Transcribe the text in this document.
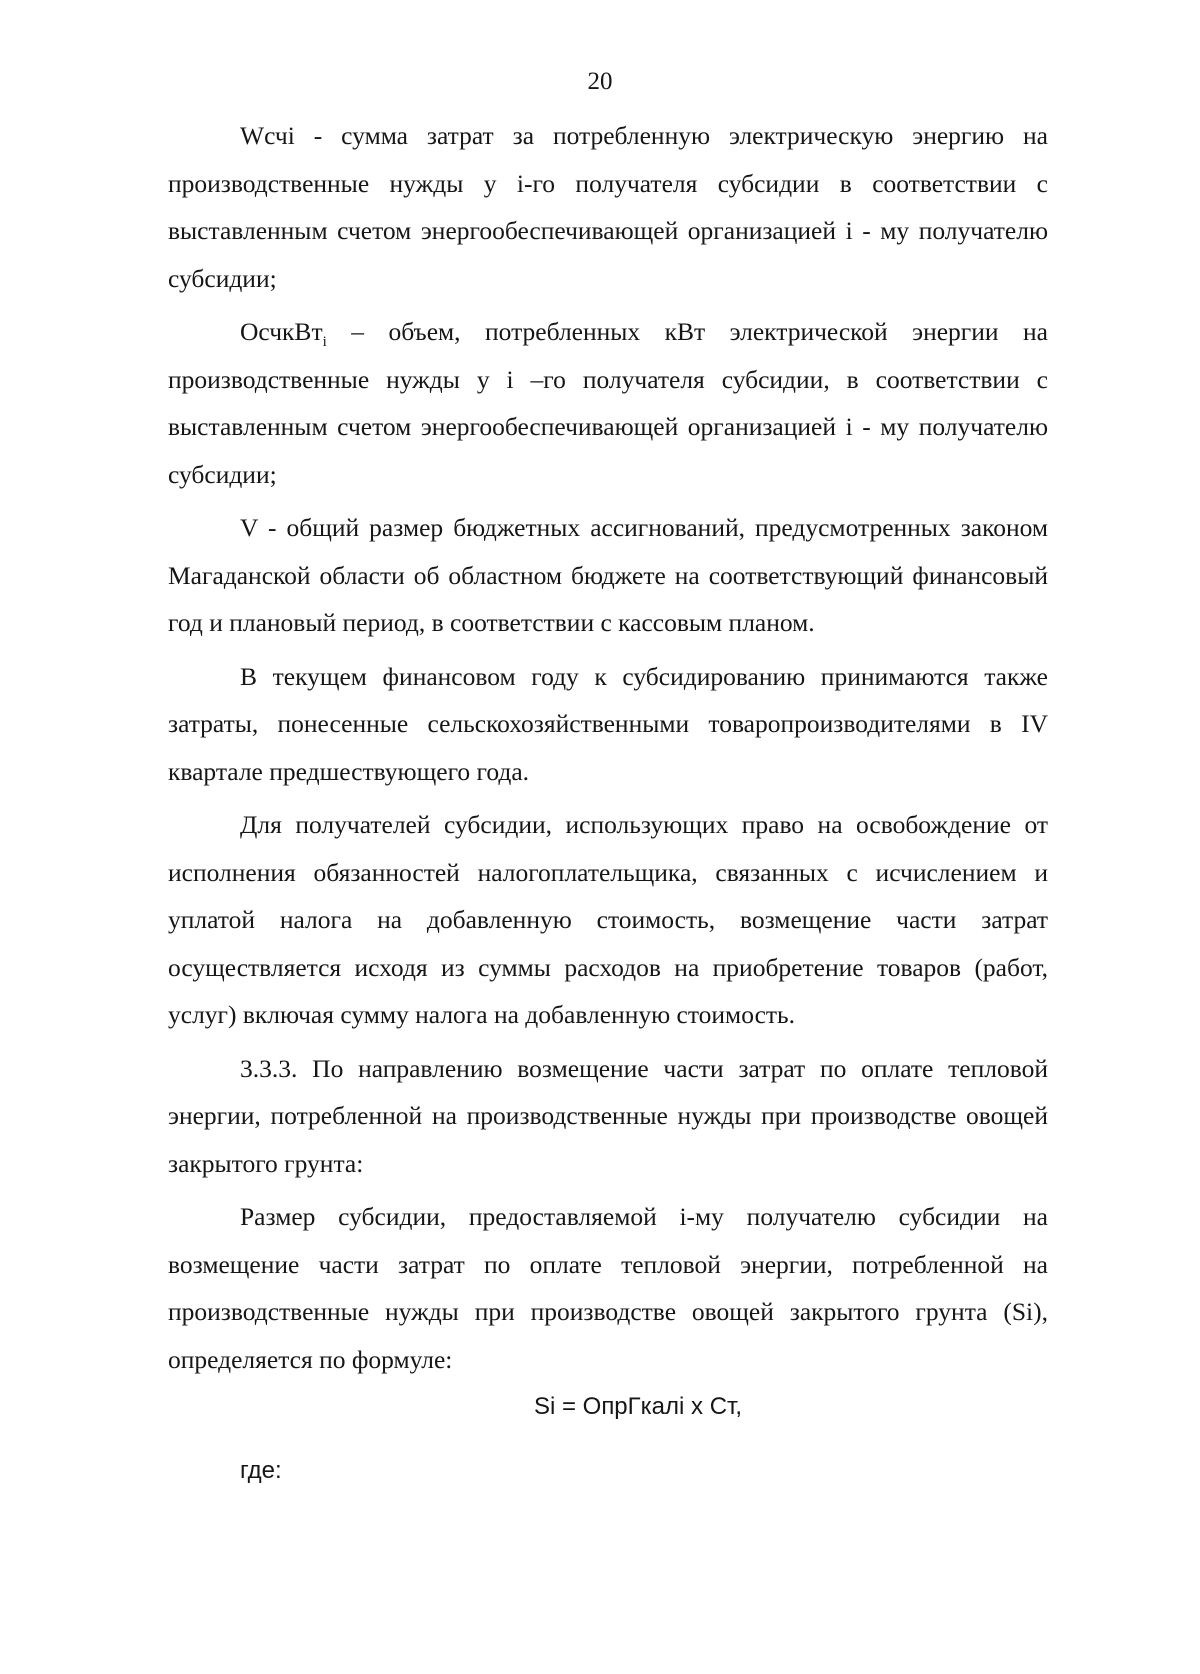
20

Wсчi - сумма затрат за потребленную электрическую энергию на производственные нужды у i-го получателя субсидии в соответствии с выставленным счетом энергообеспечивающей организацией i - му получателю субсидии;

ОсчкВт$_i$ – объем, потребленных кВт электрической энергии на производственные нужды у i –го получателя субсидии, в соответствии с выставленным счетом энергообеспечивающей организацией i - му получателю субсидии;

V - общий размер бюджетных ассигнований, предусмотренных законом Магаданской области об областном бюджете на соответствующий финансовый год и плановый период, в соответствии с кассовым планом.

В текущем финансовом году к субсидированию принимаются также затраты, понесенные сельскохозяйственными товаропроизводителями в IV квартале предшествующего года.

Для получателей субсидии, использующих право на освобождение от исполнения обязанностей налогоплательщика, связанных с исчислением и уплатой налога на добавленную стоимость, возмещение части затрат осуществляется исходя из суммы расходов на приобретение товаров (работ, услуг) включая сумму налога на добавленную стоимость.

3.3.3. По направлению возмещение части затрат по оплате тепловой энергии, потребленной на производственные нужды при производстве овощей закрытого грунта:

Размер субсидии, предоставляемой i-му получателю субсидии на возмещение части затрат по оплате тепловой энергии, потребленной на производственные нужды при производстве овощей закрытого грунта (Si), определяется по формуле:

Si = ОпрГкалi x Ст,

где:
